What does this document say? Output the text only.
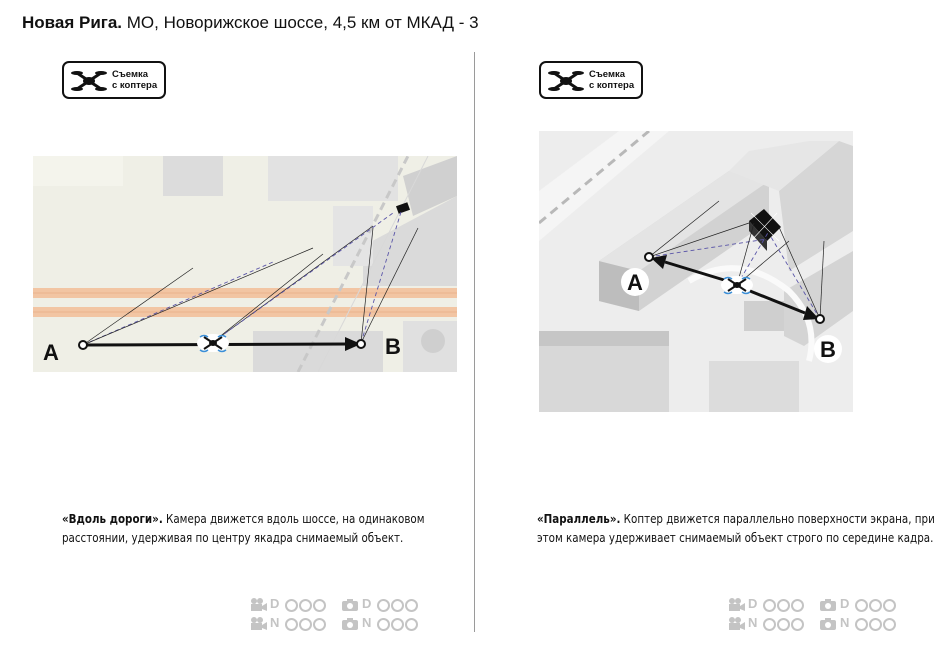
Новая Рига. МО, Новорижское шоссе, 4,5 км от МКАД - 3
Съемка
с коптера
A	B
«Вдоль дороги». Камера движется вдоль шоссе, на одинаковом расстоянии, удерживая по центру якадра снимаемый объект.
D	D
N	N
Съемка
с коптера
A
B
«Параллель». Коптер движется параллельно поверхности экрана, при этом камера удерживает снимаемый объект строго по середине кадра.
D	D
N	N
